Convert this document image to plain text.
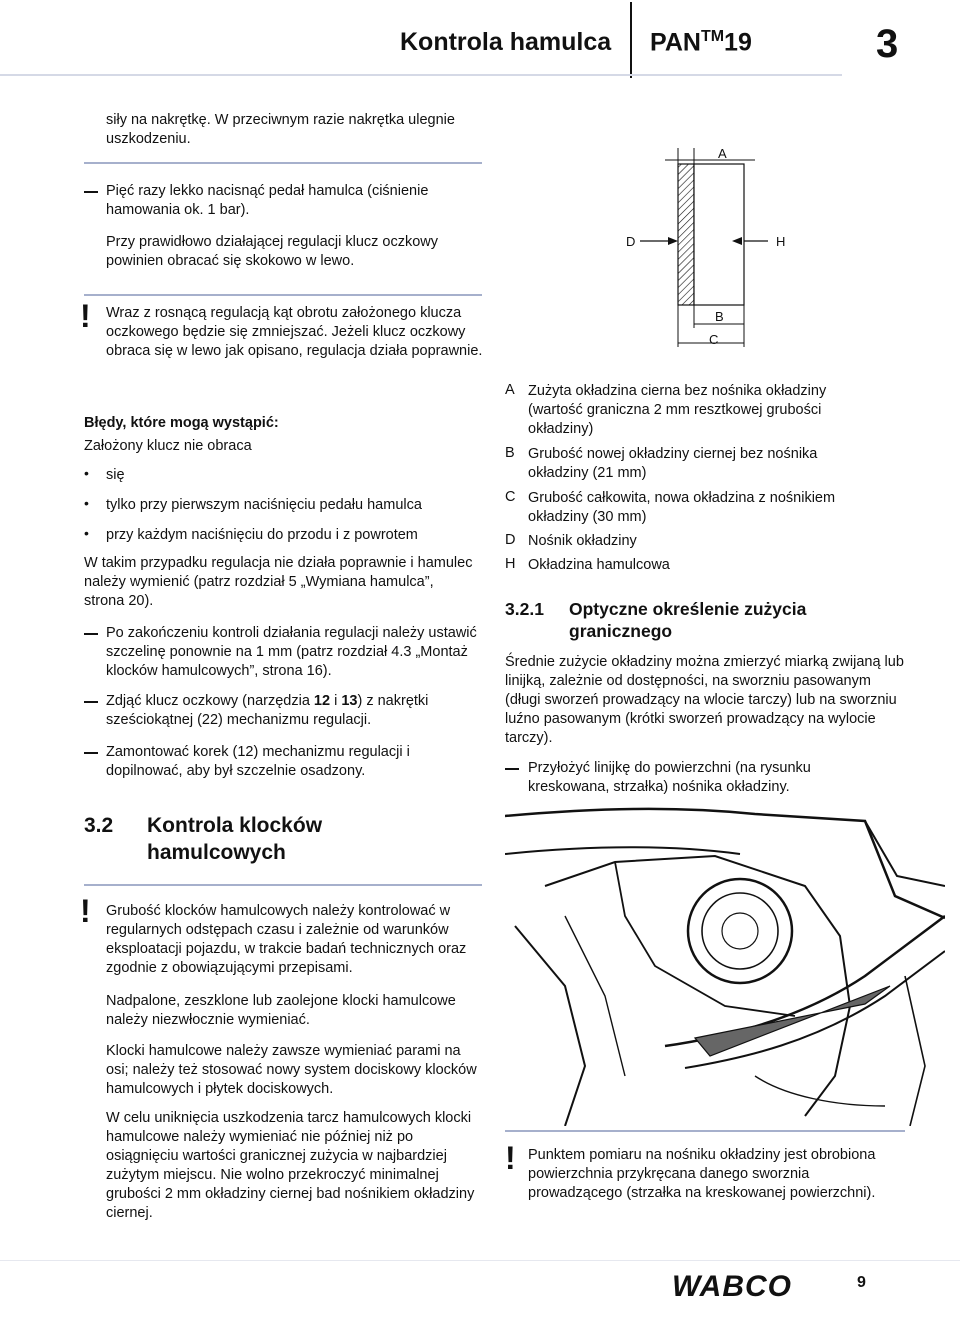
Kontrola hamulca PAN™19	3
siły na nakrętkę. W przeciwnym razie nakrętka ulegnie uszkodzeniu.
Pięć razy lekko nacisnąć pedał hamulca (ciśnienie hamowania ok. 1 bar).
Przy prawidłowo działającej regulacji klucz oczkowy powinien obracać się skokowo w lewo.
! Wraz z rosnącą regulacją kąt obrotu założonego klucza oczkowego będzie się zmniejszać. Jeżeli klucz oczkowy obraca się w lewo jak opisano, regulacja działa poprawnie.
Błędy, które mogą wystąpić:
Założony klucz nie obraca
• się
• tylko przy pierwszym naciśnięciu pedału hamulca
• przy każdym naciśnięciu do przodu i z powrotem
W takim przypadku regulacja nie działa poprawnie i hamulec należy wymienić (patrz rozdział 5 „Wymiana hamulca”, strona 20).
Po zakończeniu kontroli działania regulacji należy ustawić szczelinę ponownie na 1 mm (patrz rozdział 4.3 „Montaż klocków hamulcowych”, strona 16).
Zdjąć klucz oczkowy (narzędzia 12 i 13) z nakrętki sześciokątnej (22) mechanizmu regulacji.
Zamontować korek (12) mechanizmu regulacji i dopilnować, aby był szczelnie osadzony.
3.2 Kontrola klocków hamulcowych
! Grubość klocków hamulcowych należy kontrolować w regularnych odstępach czasu i zależnie od warunków eksploatacji pojazdu, w trakcie badań technicznych oraz zgodnie z obowiązującymi przepisami.
Nadpalone, zeszklone lub zaolejone klocki hamulcowe należy niezwłocznie wymieniać.
Klocki hamulcowe należy zawsze wymieniać parami na osi; należy też stosować nowy system dociskowy klocków hamulcowych i płytek dociskowych.
W celu uniknięcia uszkodzenia tarcz hamulcowych klocki hamulcowe należy wymieniać nie później niż po osiągnięciu wartości granicznej zużycia w najbardziej zużytym miejscu. Nie wolno przekroczyć minimalnej grubości 2 mm okładziny ciernej bad nośnikiem okładziny ciernej.
A
D	H
B
C
A Zużyta okładzina cierna bez nośnika okładziny (wartość graniczna 2 mm resztkowej grubości okładziny)
B Grubość nowej okładziny ciernej bez nośnika okładziny (21 mm)
C Grubość całkowita, nowa okładzina z nośnikiem okładziny (30 mm)
D Nośnik okładziny
H Okładzina hamulcowa
3.2.1 Optyczne określenie zużycia granicznego
Średnie zużycie okładziny można zmierzyć miarką zwijaną lub linijką, zależnie od dostępności, na sworzniu pasowanym (długi sworzeń prowadzący na wlocie tarczy) lub na sworzniu luźno pasowanym (krótki sworzeń prowadzący na wylocie tarczy).
Przyłożyć linijkę do powierzchni (na rysunku kreskowana, strzałka) nośnika okładziny.
! Punktem pomiaru na nośniku okładziny jest obrobiona powierzchnia przykręcana danego sworznia prowadzącego (strzałka na kreskowanej powierzchni).
WABCO	9
